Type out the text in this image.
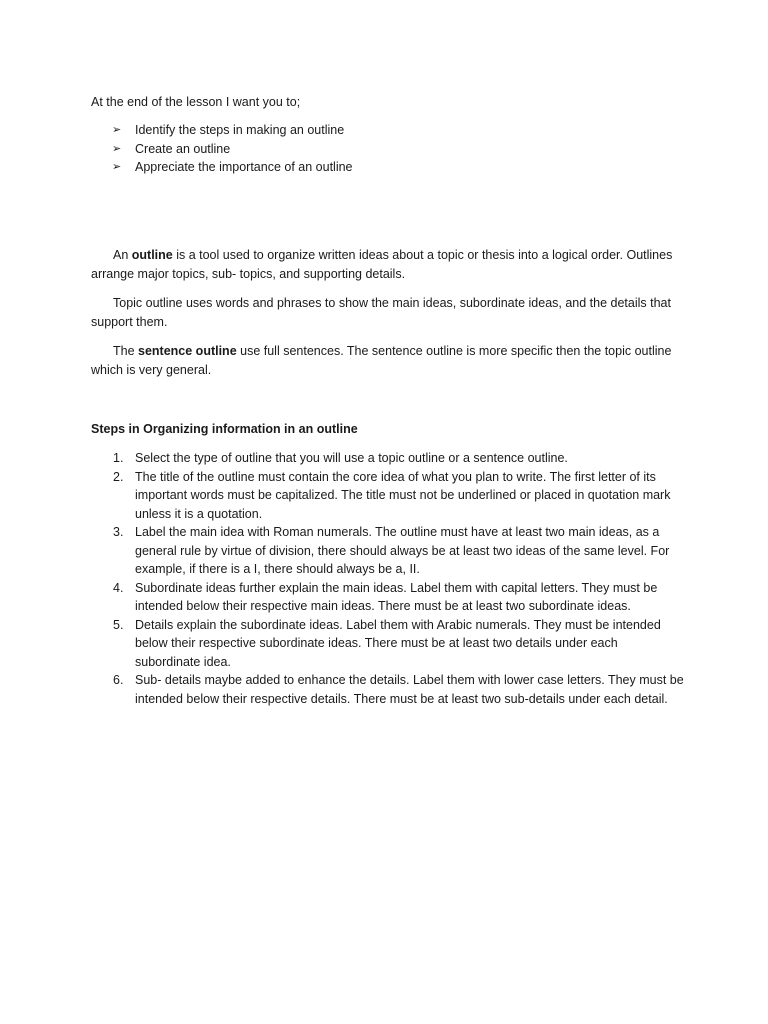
At the end of the lesson I want you to;

➢ Identify the steps in making an outline
➢ Create an outline
➢ Appreciate the importance of an outline

An outline is a tool used to organize written ideas about a topic or thesis into a logical order. Outlines arrange major topics, sub- topics, and supporting details.

Topic outline uses words and phrases to show the main ideas, subordinate ideas, and the details that support them.

The sentence outline use full sentences. The sentence outline is more specific then the topic outline which is very general.

Steps in Organizing information in an outline

1. Select the type of outline that you will use a topic outline or a sentence outline.
2. The title of the outline must contain the core idea of what you plan to write. The first letter of its important words must be capitalized. The title must not be underlined or placed in quotation mark unless it is a quotation.
3. Label the main idea with Roman numerals. The outline must have at least two main ideas, as a general rule by virtue of division, there should always be at least two ideas of the same level. For example, if there is a I, there should always be a, II.
4. Subordinate ideas further explain the main ideas. Label them with capital letters. They must be intended below their respective main ideas. There must be at least two subordinate ideas.
5. Details explain the subordinate ideas. Label them with Arabic numerals. They must be intended below their respective subordinate ideas. There must be at least two details under each subordinate idea.
6. Sub- details maybe added to enhance the details. Label them with lower case letters. They must be intended below their respective details. There must be at least two sub-details under each detail.
